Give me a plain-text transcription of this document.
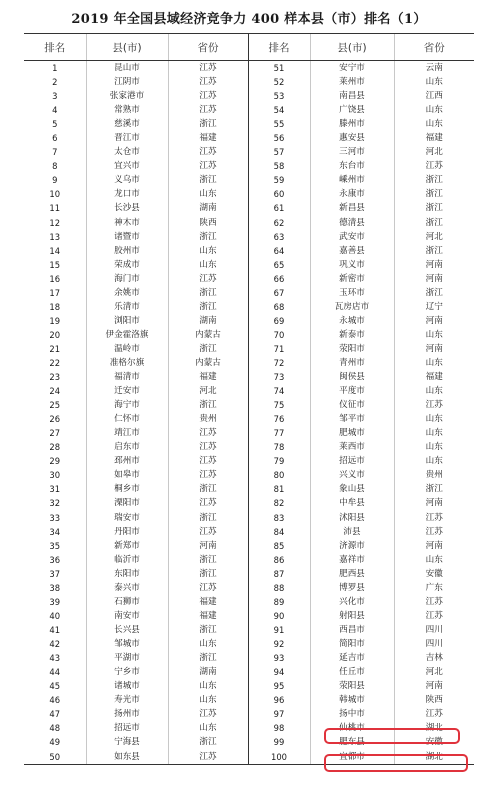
2019 年全国县域经济竞争力 400 样本县（市）排名（1）
排名	县(市)	省份	排名	县(市)	省份
1	昆山市	江苏	51	安宁市	云南
2	江阴市	江苏	52	莱州市	山东
3	张家港市	江苏	53	南昌县	江西
4	常熟市	江苏	54	广饶县	山东
5	慈溪市	浙江	55	滕州市	山东
6	晋江市	福建	56	惠安县	福建
7	太仓市	江苏	57	三河市	河北
8	宜兴市	江苏	58	东台市	江苏
9	义乌市	浙江	59	嵊州市	浙江
10	龙口市	山东	60	永康市	浙江
11	长沙县	湖南	61	新昌县	浙江
12	神木市	陕西	62	德清县	浙江
13	诸暨市	浙江	63	武安市	河北
14	胶州市	山东	64	嘉善县	浙江
15	荣成市	山东	65	巩义市	河南
16	海门市	江苏	66	新密市	河南
17	余姚市	浙江	67	玉环市	浙江
18	乐清市	浙江	68	瓦房店市	辽宁
19	浏阳市	湖南	69	永城市	河南
20	伊金霍洛旗	内蒙古	70	新泰市	山东
21	温岭市	浙江	71	荥阳市	河南
22	准格尔旗	内蒙古	72	青州市	山东
23	福清市	福建	73	闽侯县	福建
24	迁安市	河北	74	平度市	山东
25	海宁市	浙江	75	仪征市	江苏
26	仁怀市	贵州	76	邹平市	山东
27	靖江市	江苏	77	肥城市	山东
28	启东市	江苏	78	莱西市	山东
29	邳州市	江苏	79	招远市	山东
30	如皋市	江苏	80	兴义市	贵州
31	桐乡市	浙江	81	象山县	浙江
32	溧阳市	江苏	82	中牟县	河南
33	瑞安市	浙江	83	沭阳县	江苏
34	丹阳市	江苏	84	沛县	江苏
35	新郑市	河南	85	济源市	河南
36	临沂市	浙江	86	嘉祥市	山东
37	东阳市	浙江	87	肥西县	安徽
38	泰兴市	江苏	88	博罗县	广东
39	石狮市	福建	89	兴化市	江苏
40	南安市	福建	90	射阳县	江苏
41	长兴县	浙江	91	西昌市	四川
42	邹城市	山东	92	简阳市	四川
43	平湖市	浙江	93	延吉市	吉林
44	宁乡市	湖南	94	任丘市	河北
45	诸城市	山东	95	荥阳县	河南
46	寿光市	山东	96	韩城市	陕西
47	扬州市	江苏	97	扬中市	江苏
48	招远市	山东	98	仙桃市	湖北
49	宁海县	浙江	99	肥东县	安徽
50	如东县	江苏	100	宜都市	湖北
